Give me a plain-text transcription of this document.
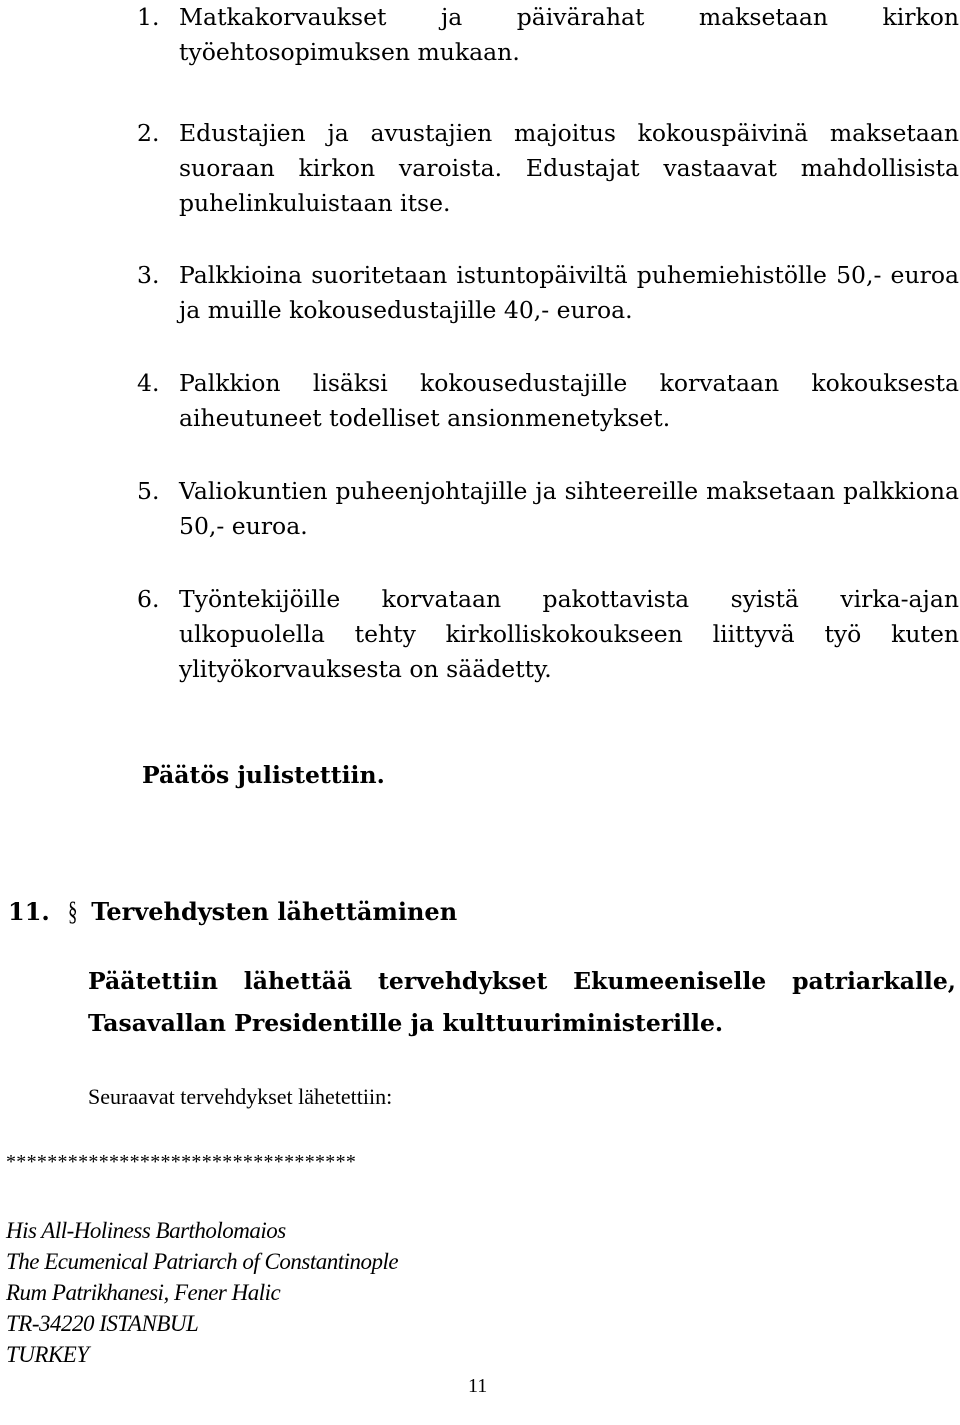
1. Matkakorvaukset ja päivärahat maksetaan kirkon työehtosopimuksen mukaan.
2. Edustajien ja avustajien majoitus kokouspäivinä maksetaan suoraan kirkon varoista. Edustajat vastaavat mahdollisista puhelinkuluistaan itse.
3. Palkkioina suoritetaan istuntopäiviltä puhemiehistölle 50,- euroa ja muille kokousedustajille 40,- euroa.
4. Palkkion lisäksi kokousedustajille korvataan kokouksesta aiheutuneet todelliset ansionmenetykset.
5. Valiokuntien puheenjohtajille ja sihteereille maksetaan palkkiona 50,- euroa.
6. Työntekijöille korvataan pakottavista syistä virka-ajan ulkopuolella tehty kirkolliskokoukseen liittyvä työ kuten ylityökorvauksesta on säädetty.
Päätös julistettiin.
11. § Tervehdysten lähettäminen
Päätettiin lähettää tervehdykset Ekumeeniselle patriarkalle, Tasavallan Presidentille ja kulttuuriministerille.
Seuraavat tervehdykset lähetettiin:
**********************************
His All-Holiness Bartholomaios
The Ecumenical Patriarch of Constantinople
Rum Patrikhanesi, Fener Halic
TR-34220 ISTANBUL
TURKEY
11
